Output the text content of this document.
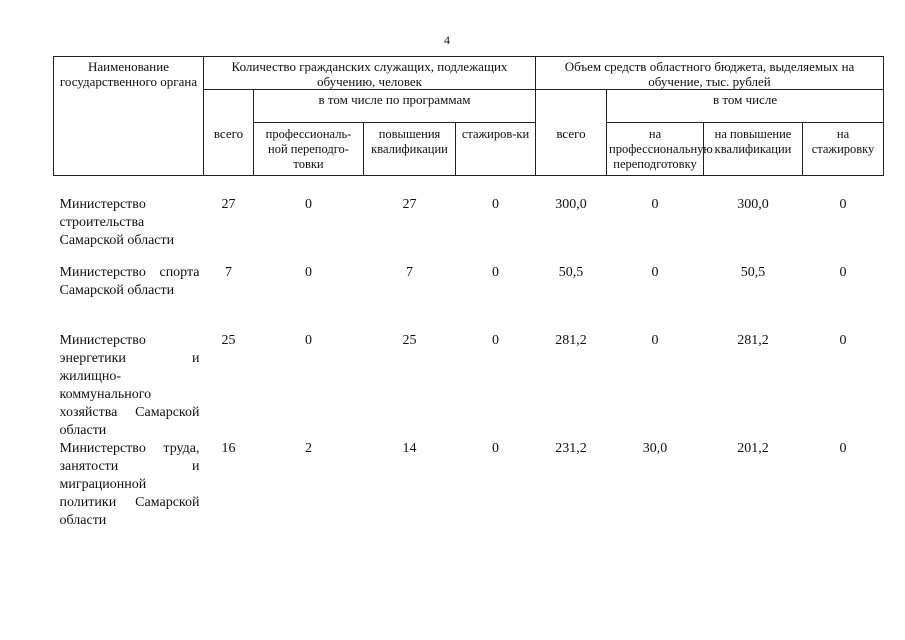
4
Наименование государственного органа	Количество гражданских служащих, подлежащих обучению, человек				Объем средств областного бюджета, выделяемых на обучение, тыс. рублей			
	всего	в том числе по программам			всего	в том числе		
		профессиональ-ной переподго-товки	повышения квалификации	стажиров-ки		на профессиональную переподготовку	на повышение квалификации	на стажировку

Министерство строительства Самарской области	27	0	27	0	300,0	0	300,0	0
Министерство спорта Самарской области	7	0	7	0	50,5	0	50,5	0
Министерство энергетики и жилищно-коммунального хозяйства Самарской области	25	0	25	0	281,2	0	281,2	0
Министерство труда, занятости и миграционной политики Самарской области	16	2	14	0	231,2	30,0	201,2	0
